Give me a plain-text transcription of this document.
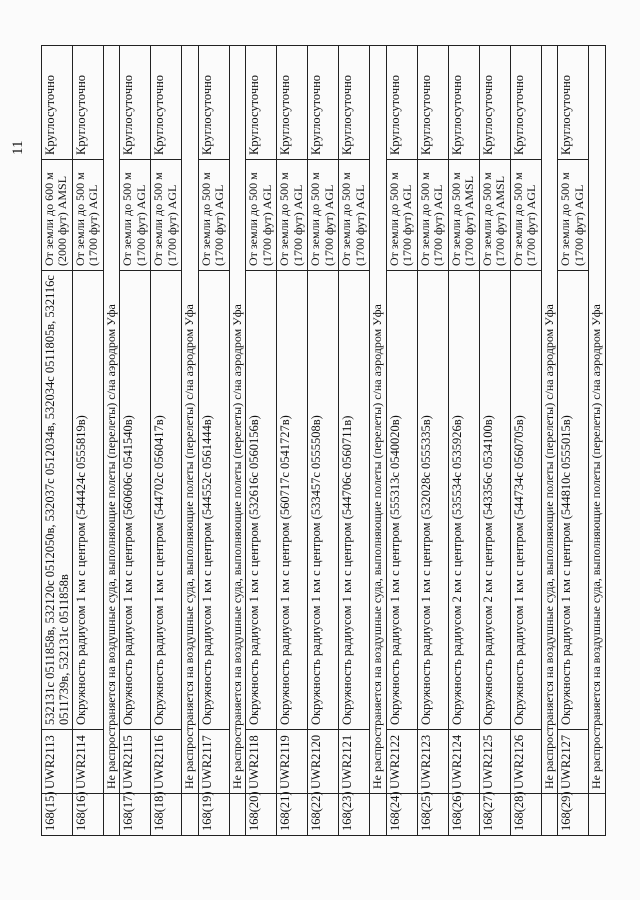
11
168(15)	UWR2113	532131с 0511858в, 532120с 0512050в, 532037с 0512034в, 532034с 0511805в, 532116с 0511739в, 532131с 0511858в	От земли до 600 м (2000 фут) AMSL	Круглосуточно
168(16)	UWR2114	Окружность радиусом 1 км с центром (544424с 0555819в)	От земли до 500 м (1700 фут) AGL	Круглосуточно
	Не распространяется на воздушные суда, выполняющие полеты (перелеты) с/на аэродром Уфа			
168(17)	UWR2115	Окружность радиусом 1 км с центром (560606с 0541540в)	От земли до 500 м (1700 фут) AGL	Круглосуточно
168(18)	UWR2116	Окружность радиусом 1 км с центром (544702с 0560417в)	От земли до 500 м (1700 фут) AGL	Круглосуточно
	Не распространяется на воздушные суда, выполняющие полеты (перелеты) с/на аэродром Уфа			
168(19)	UWR2117	Окружность радиусом 1 км с центром (544552с 0561444в)	От земли до 500 м (1700 фут) AGL	Круглосуточно
	Не распространяется на воздушные суда, выполняющие полеты (перелеты) с/на аэродром Уфа			
168(20)	UWR2118	Окружность радиусом 1 км с центром (532616с 0560156в)	От земли до 500 м (1700 фут) AGL	Круглосуточно
168(21)	UWR2119	Окружность радиусом 1 км с центром (560717с 0541727в)	От земли до 500 м (1700 фут) AGL	Круглосуточно
168(22)	UWR2120	Окружность радиусом 1 км с центром (533457с 0555508в)	От земли до 500 м (1700 фут) AGL	Круглосуточно
168(23)	UWR2121	Окружность радиусом 1 км с центром (544706с 0560711в)	От земли до 500 м (1700 фут) AGL	Круглосуточно
	Не распространяется на воздушные суда, выполняющие полеты (перелеты) с/на аэродром Уфа			
168(24)	UWR2122	Окружность радиусом 1 км с центром (555313с 0540020в)	От земли до 500 м (1700 фут) AGL	Круглосуточно
168(25)	UWR2123	Окружность радиусом 1 км с центром (532028с 0555335в)	От земли до 500 м (1700 фут) AGL	Круглосуточно
168(26)	UWR2124	Окружность радиусом 2 км с центром (535534с 0535926в)	От земли до 500 м (1700 фут) AMSL	Круглосуточно
168(27)	UWR2125	Окружность радиусом 2 км с центром (543356с 0534100в)	От земли до 500 м (1700 фут) AMSL	Круглосуточно
168(28)	UWR2126	Окружность радиусом 1 км с центром (544734с 0560705в)	От земли до 500 м (1700 фут) AGL	Круглосуточно
	Не распространяется на воздушные суда, выполняющие полеты (перелеты) с/на аэродром Уфа			
168(29)	UWR2127	Окружность радиусом 1 км с центром (544810с 0555015в)	От земли до 500 м (1700 фут) AGL	Круглосуточно
	Не распространяется на воздушные суда, выполняющие полеты (перелеты) с/на аэродром Уфа			
